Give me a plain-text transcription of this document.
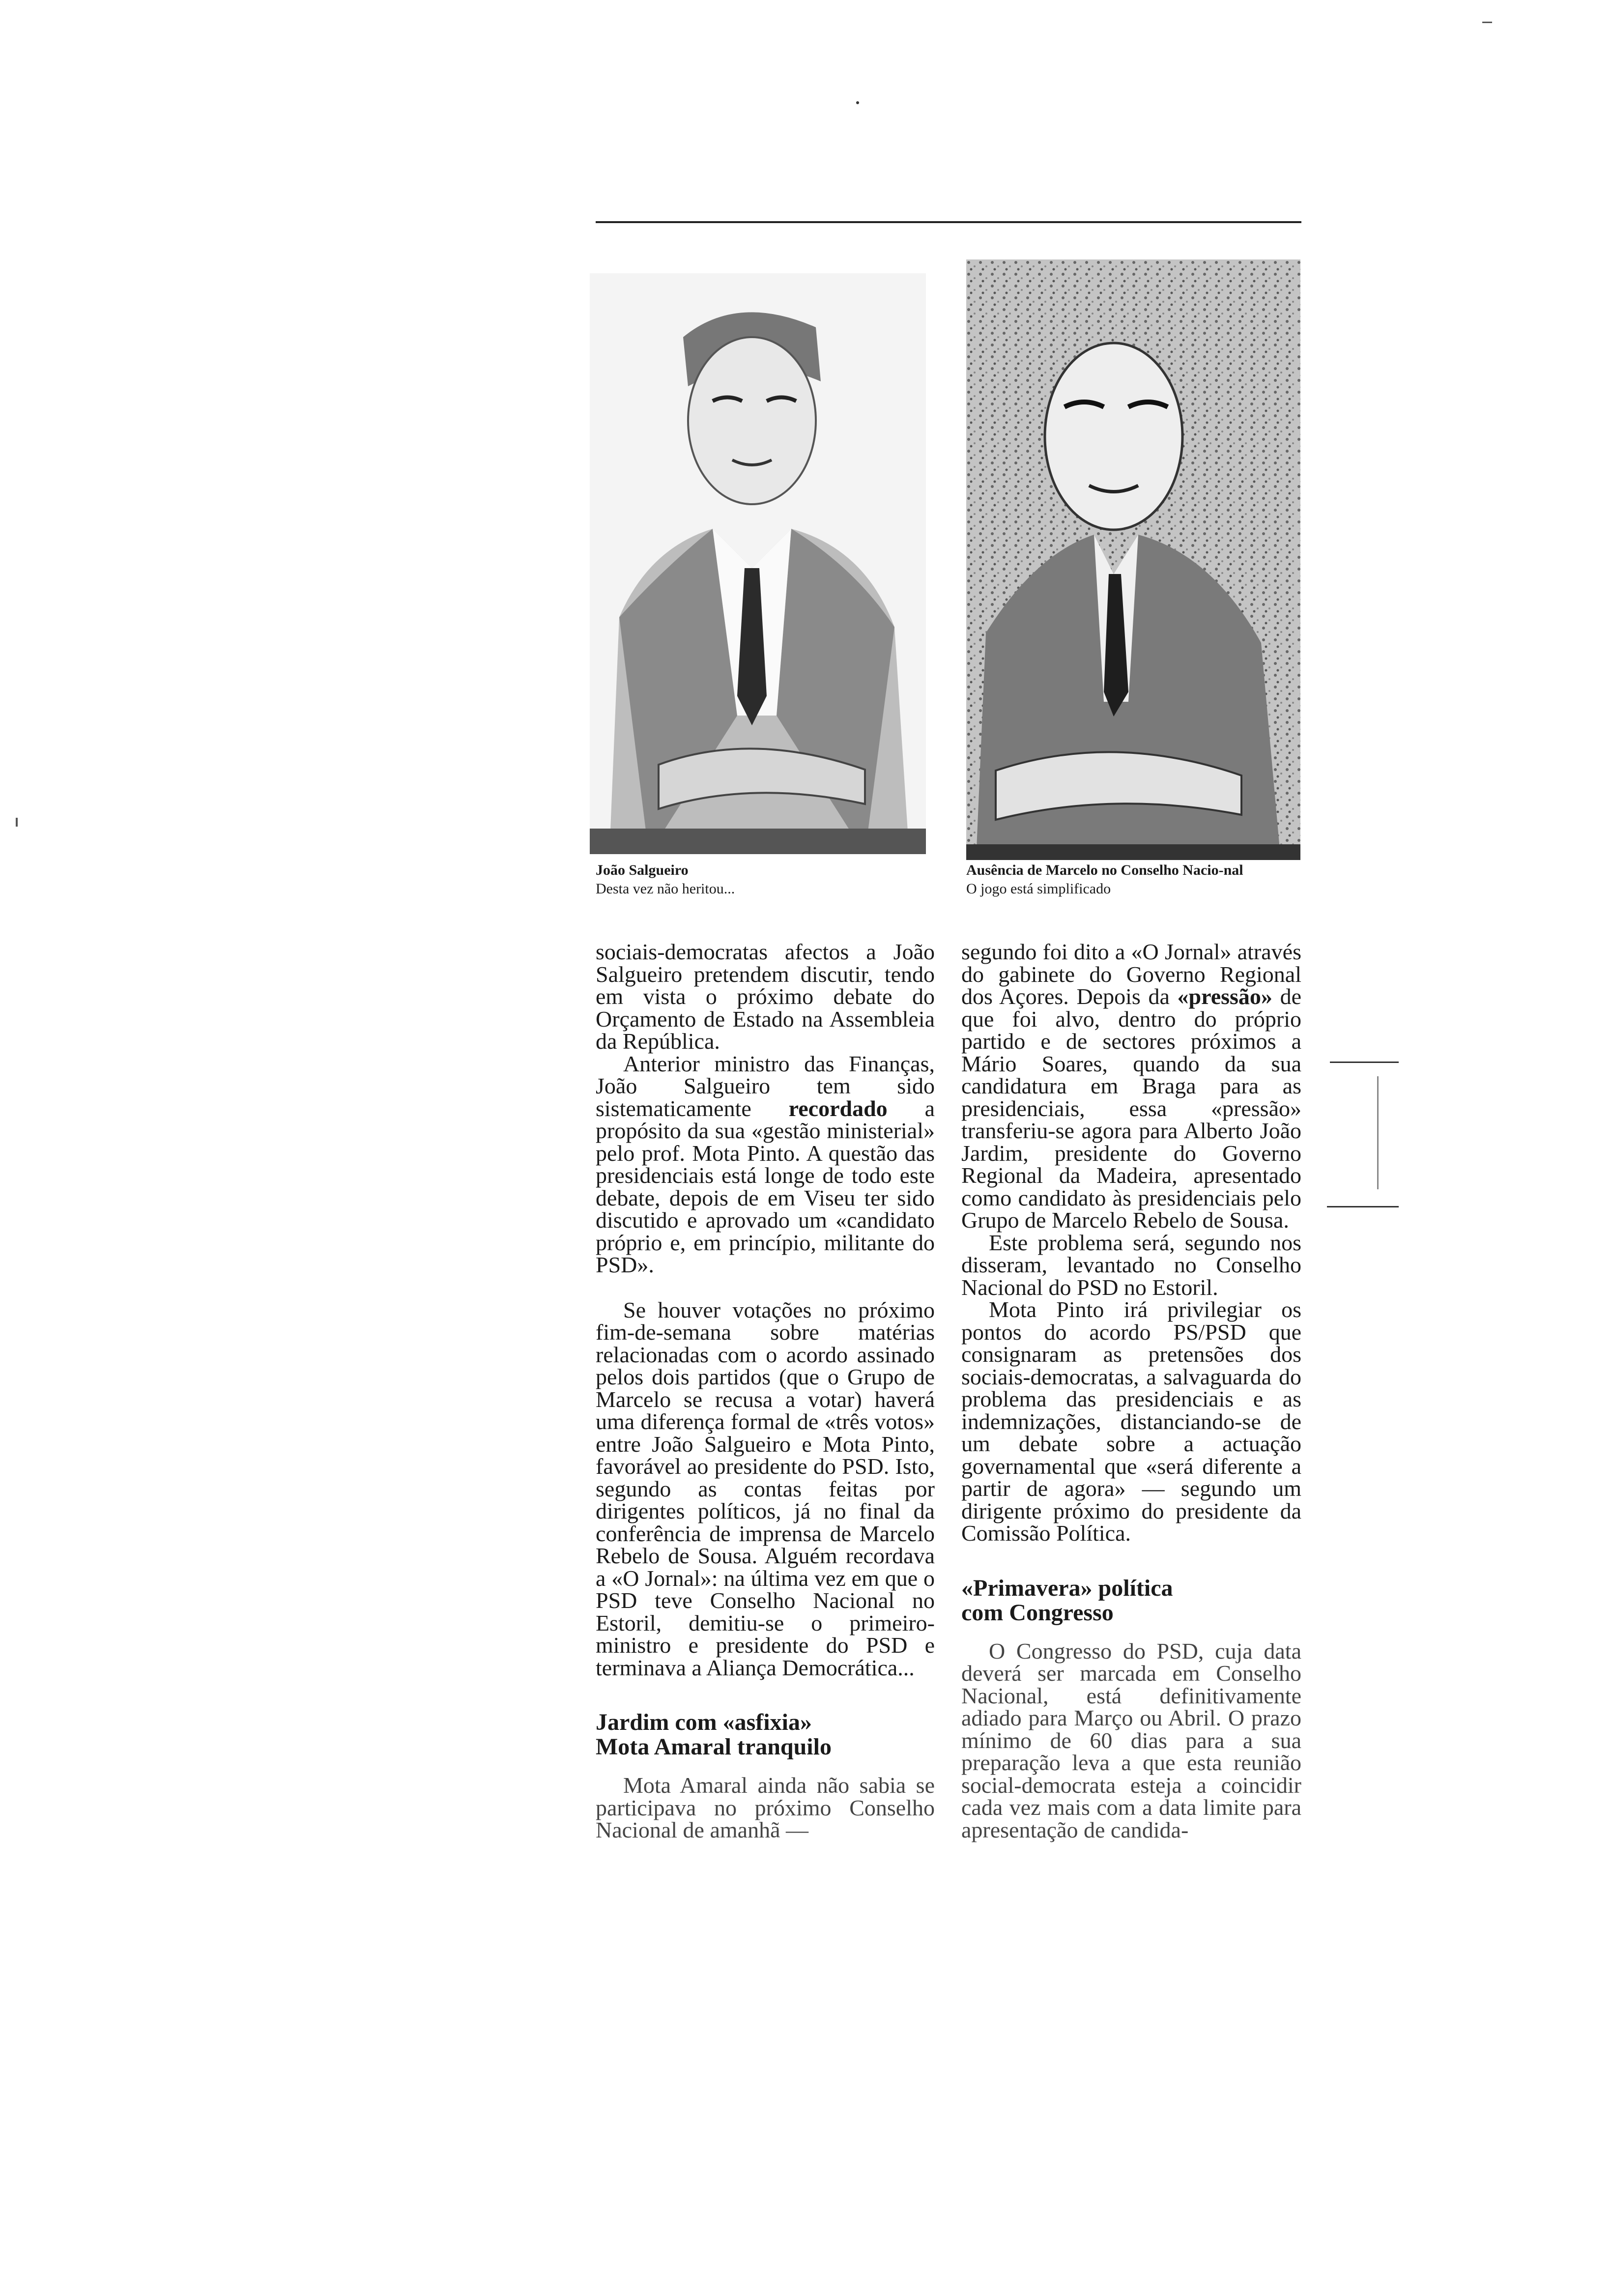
João Salgueiro
Desta vez não heritou...
Ausência de Marcelo no Conselho Nacio-nal
O jogo está simplificado

sociais-democratas afectos a João Salgueiro pretendem discutir, tendo em vista o próximo debate do Orçamento de Estado na Assembleia da República.

Anterior ministro das Finanças, João Salgueiro tem sido sistematicamente recordado a propósito da sua «gestão ministerial» pelo prof. Mota Pinto. A questão das presidenciais está longe de todo este debate, depois de em Viseu ter sido discutido e aprovado um «candidato próprio e, em princípio, militante do PSD».

Se houver votações no próximo fim-de-semana sobre matérias relacionadas com o acordo assinado pelos dois partidos (que o Grupo de Marcelo se recusa a votar) haverá uma diferença formal de «três votos» entre João Salgueiro e Mota Pinto, favorável ao presidente do PSD. Isto, segundo as contas feitas por dirigentes políticos, já no final da conferência de imprensa de Marcelo Rebelo de Sousa. Alguém recordava a «O Jornal»: na última vez em que o PSD teve Conselho Nacional no Estoril, demitiu-se o primeiro-ministro e presidente do PSD e terminava a Aliança Democrática...

Jardim com «asfixia»
Mota Amaral tranquilo

Mota Amaral ainda não sabia se participava no próximo Conselho Nacional de amanhã —

segundo foi dito a «O Jornal» através do gabinete do Governo Regional dos Açores. Depois da «pressão» de que foi alvo, dentro do próprio partido e de sectores próximos a Mário Soares, quando da sua candidatura em Braga para as presidenciais, essa «pressão» transferiu-se agora para Alberto João Jardim, presidente do Governo Regional da Madeira, apresentado como candidato às presidenciais pelo Grupo de Marcelo Rebelo de Sousa.

Este problema será, segundo nos disseram, levantado no Conselho Nacional do PSD no Estoril.

Mota Pinto irá privilegiar os pontos do acordo PS/PSD que consignaram as pretensões dos sociais-democratas, a salvaguarda do problema das presidenciais e as indemnizações, distanciando-se de um debate sobre a actuação governamental que «será diferente a partir de agora» — segundo um dirigente próximo do presidente da Comissão Política.

«Primavera» política
com Congresso

O Congresso do PSD, cuja data deverá ser marcada em Conselho Nacional, está definitivamente adiado para Março ou Abril. O prazo mínimo de 60 dias para a sua preparação leva a que esta reunião social-democrata esteja a coincidir cada vez mais com a data limite para apresentação de candida-
